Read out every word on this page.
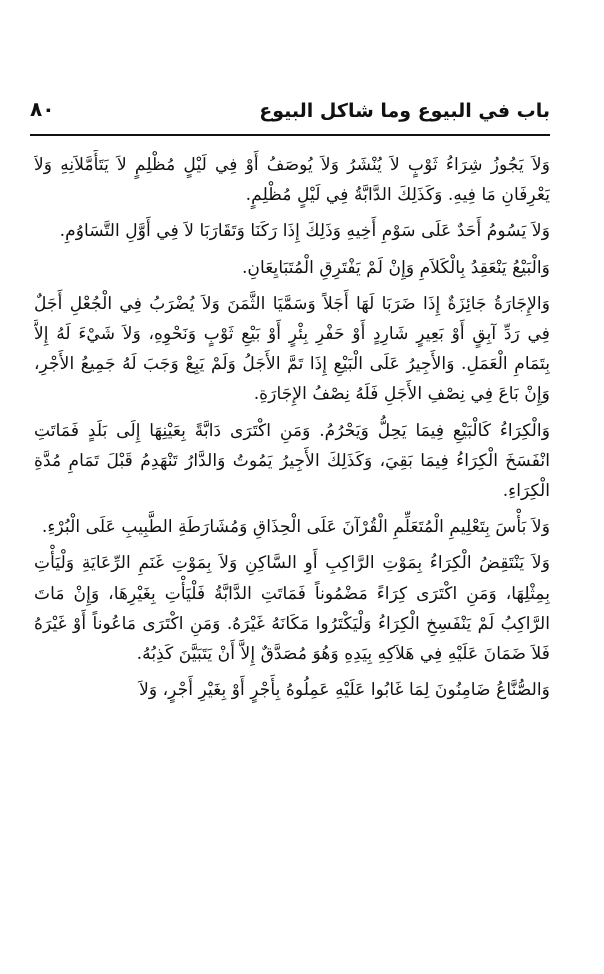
باب في البيوع وما شاكل البيوع
٨٠

وَلاَ يَجُوزُ شِرَاءُ ثَوْبٍ لاَ يُنْشَرُ وَلاَ يُوصَفُ أَوْ فِي لَيْلٍ مُظْلِمٍ لاَ يَتَأَمَّلاَنِهِ وَلاَ يَعْرِفَانِ مَا فِيهِ. وَكَذَلِكَ الدَّابَّةُ فِي لَيْلٍ مُظْلِمٍ.

وَلاَ يَسُومُ أَحَدٌ عَلَى سَوْمِ أَخِيهِ وَذَلِكَ إِذَا رَكَنَا وَتَقَارَبَا لاَ فِي أَوَّلِ التَّسَاوُمِ.

وَالْبَيْعُ يَنْعَقِدُ بِالْكَلاَمِ وَإِنْ لَمْ يَفْتَرِقِ الْمُتَبَايِعَانِ.

وَالإِجَارَةُ جَائِزَةٌ إِذَا ضَرَبَا لَهَا أَجَلاً وَسَمَّيَا الثَّمَنَ وَلاَ يُضْرَبُ فِي الْجُعْلِ أَجَلٌ فِي رَدِّ آبِقٍ أَوْ بَعِيرٍ شَارِدٍ أَوْ حَفْرِ بِئْرٍ أَوْ بَيْعِ ثَوْبٍ وَنَحْوِهِ، وَلاَ شَيْءَ لَهُ إِلاَّ بِتَمَامِ الْعَمَلِ. وَالأَجِيرُ عَلَى الْبَيْعِ إِذَا تَمَّ الأَجَلُ وَلَمْ يَبِعْ وَجَبَ لَهُ جَمِيعُ الأَجْرِ، وَإِنْ بَاعَ فِي نِصْفِ الأَجَلِ فَلَهُ نِصْفُ الإِجَارَةِ.

وَالْكِرَاءُ كَالْبَيْعِ فِيمَا يَحِلُّ وَيَحْرُمُ. وَمَنِ اكْتَرَى دَابَّةً بِعَيْنِهَا إِلَى بَلَدٍ فَمَاتَتِ انْفَسَخَ الْكِرَاءُ فِيمَا بَقِيَ، وَكَذَلِكَ الأَجِيرُ يَمُوتُ وَالدَّارُ تَنْهَدِمُ قَبْلَ تَمَامِ مُدَّةِ الْكِرَاءِ.

وَلاَ بَأْسَ بِتَعْلِيمِ الْمُتَعَلِّمِ الْقُرْآنَ عَلَى الْحِذَاقِ وَمُشَارَطَةِ الطَّبِيبِ عَلَى الْبُرْءِ.

وَلاَ يَنْتَقِضُ الْكِرَاءُ بِمَوْتِ الرَّاكِبِ أَوِ السَّاكِنِ وَلاَ بِمَوْتِ غَنَمِ الرِّعَايَةِ وَلْيَأْتِ بِمِثْلِهَا، وَمَنِ اكْتَرَى كِرَاءً مَضْمُوناً فَمَاتَتِ الدَّابَّةُ فَلْيَأْتِ بِغَيْرِهَا، وَإِنْ مَاتَ الرَّاكِبُ لَمْ يَنْفَسِخِ الْكِرَاءُ وَلْيَكْتَرُوا مَكَانَهُ غَيْرَهُ. وَمَنِ اكْتَرَى مَاعُوناً أَوْ غَيْرَهُ فَلاَ ضَمَانَ عَلَيْهِ فِي هَلاَكِهِ بِيَدِهِ وَهُوَ مُصَدَّقٌ إِلاَّ أَنْ يَتَبَيَّنَ كَذِبُهُ.

وَالصُّنَّاعُ ضَامِنُونَ لِمَا غَابُوا عَلَيْهِ عَمِلُوهُ بِأَجْرٍ أَوْ بِغَيْرِ أَجْرٍ، وَلاَ
